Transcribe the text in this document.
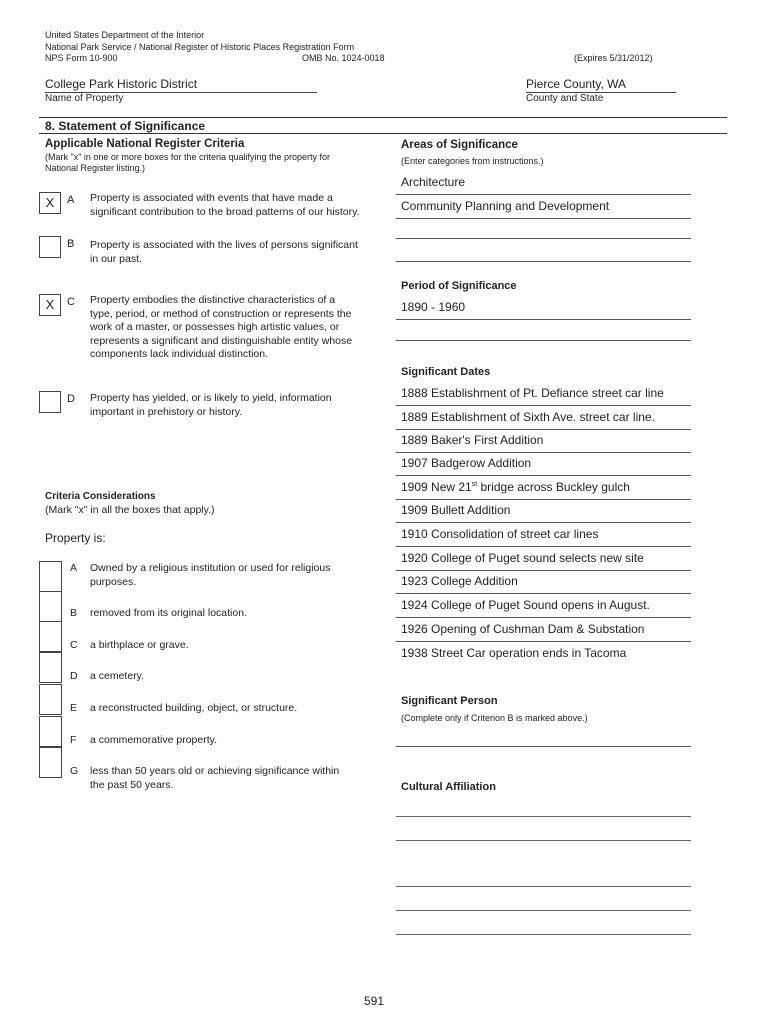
United States Department of the Interior
National Park Service / National Register of Historic Places Registration Form
NPS Form 10-900	OMB No. 1024-0018	(Expires 5/31/2012)
College Park Historic District
Name of Property
Pierce County, WA
County and State
8. Statement of Significance
Applicable National Register Criteria
(Mark "x" in one or more boxes for the criteria qualifying the property for National Register listing.)
X	A Property is associated with events that have made a significant contribution to the broad patterns of our history.
B Property is associated with the lives of persons significant in our past.
X	C Property embodies the distinctive characteristics of a type, period, or method of construction or represents the work of a master, or possesses high artistic values, or represents a significant and distinguishable entity whose components lack individual distinction.
D Property has yielded, or is likely to yield, information important in prehistory or history.
Criteria Considerations
(Mark "x" in all the boxes that apply.)
Property is:
A Owned by a religious institution or used for religious purposes.
B removed from its original location.
C a birthplace or grave.
D a cemetery.
E a reconstructed building, object, or structure.
F a commemorative property.
G less than 50 years old or achieving significance within the past 50 years.
Areas of Significance
(Enter categories from instructions.)
Architecture
Community Planning and Development
Period of Significance
1890 - 1960
Significant Dates
1888 Establishment of Pt. Defiance street car line
1889 Establishment of Sixth Ave. street car line.
1889 Baker's First Addition
1907 Badgerow Addition
1909 New 21st bridge across Buckley gulch
1909 Bullett Addition
1910 Consolidation of street car lines
1920 College of Puget sound selects new site
1923 College Addition
1924 College of Puget Sound opens in August.
1926 Opening of Cushman Dam & Substation
1938 Street Car operation ends in Tacoma
Significant Person
(Complete only if Criterion B is marked above.)
Cultural Affiliation
591
